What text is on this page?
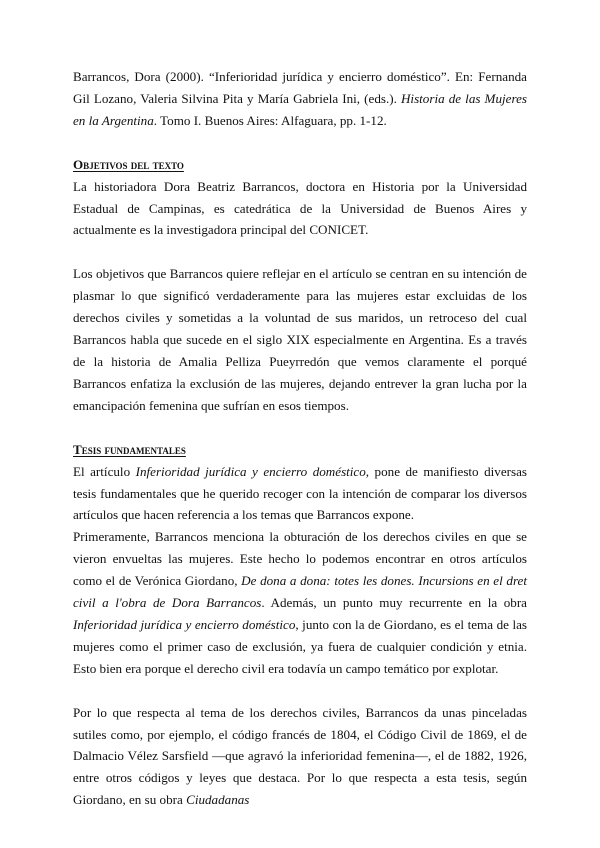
Barrancos, Dora (2000). “Inferioridad jurídica y encierro doméstico”. En: Fernanda Gil Lozano, Valeria Silvina Pita y María Gabriela Ini, (eds.). Historia de las Mujeres en la Argentina. Tomo I. Buenos Aires: Alfaguara, pp. 1-12.

Objetivos del texto

La historiadora Dora Beatriz Barrancos, doctora en Historia por la Universidad Estadual de Campinas, es catedrática de la Universidad de Buenos Aires y actualmente es la investigadora principal del CONICET.

Los objetivos que Barrancos quiere reflejar en el artículo se centran en su intención de plasmar lo que significó verdaderamente para las mujeres estar excluidas de los derechos civiles y sometidas a la voluntad de sus maridos, un retroceso del cual Barrancos habla que sucede en el siglo XIX especialmente en Argentina. Es a través de la historia de Amalia Pelliza Pueyrredón que vemos claramente el porqué Barrancos enfatiza la exclusión de las mujeres, dejando entrever la gran lucha por la emancipación femenina que sufrían en esos tiempos.

Tesis fundamentales

El artículo Inferioridad jurídica y encierro doméstico, pone de manifiesto diversas tesis fundamentales que he querido recoger con la intención de comparar los diversos artículos que hacen referencia a los temas que Barrancos expone.

Primeramente, Barrancos menciona la obturación de los derechos civiles en que se vieron envueltas las mujeres. Este hecho lo podemos encontrar en otros artículos como el de Verónica Giordano, De dona a dona: totes les dones. Incursions en el dret civil a l'obra de Dora Barrancos. Además, un punto muy recurrente en la obra Inferioridad jurídica y encierro doméstico, junto con la de Giordano, es el tema de las mujeres como el primer caso de exclusión, ya fuera de cualquier condición y etnia. Esto bien era porque el derecho civil era todavía un campo temático por explotar.

Por lo que respecta al tema de los derechos civiles, Barrancos da unas pinceladas sutiles como, por ejemplo, el código francés de 1804, el Código Civil de 1869, el de Dalmacio Vélez Sarsfield —que agravó la inferioridad femenina—, el de 1882, 1926, entre otros códigos y leyes que destaca. Por lo que respecta a esta tesis, según Giordano, en su obra Ciudadanas
